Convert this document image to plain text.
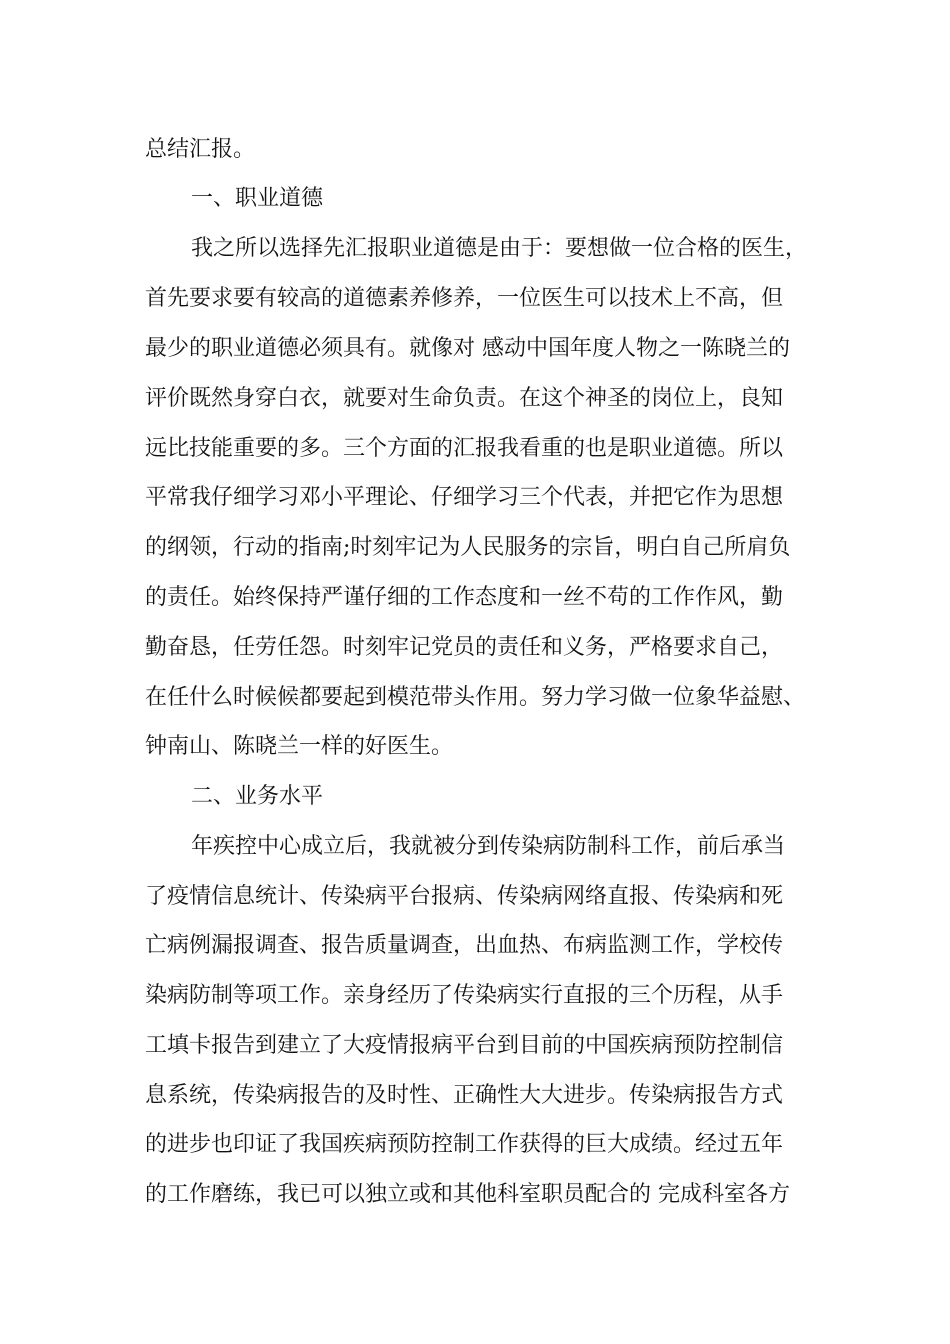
总结汇报。
一、职业道德
我之所以选择先汇报职业道德是由于：要想做一位合格的医生，
首先要求要有较高的道德素养修养，一位医生可以技术上不高，但
最少的职业道德必须具有。就像对 感动中国年度人物之一陈晓兰的
评价既然身穿白衣，就要对生命负责。在这个神圣的岗位上，良知
远比技能重要的多。三个方面的汇报我看重的也是职业道德。所以
平常我仔细学习邓小平理论、仔细学习三个代表，并把它作为思想
的纲领，行动的指南;时刻牢记为人民服务的宗旨，明白自己所肩负
的责任。始终保持严谨仔细的工作态度和一丝不苟的工作作风，勤
勤奋恳，任劳任怨。时刻牢记党员的责任和义务，严格要求自己，
在任什么时候候都要起到模范带头作用。努力学习做一位象华益慰、
钟南山、陈晓兰一样的好医生。
二、业务水平
年疾控中心成立后，我就被分到传染病防制科工作，前后承当
了疫情信息统计、传染病平台报病、传染病网络直报、传染病和死
亡病例漏报调查、报告质量调查，出血热、布病监测工作，学校传
染病防制等项工作。亲身经历了传染病实行直报的三个历程，从手
工填卡报告到建立了大疫情报病平台到目前的中国疾病预防控制信
息系统，传染病报告的及时性、正确性大大进步。传染病报告方式
的进步也印证了我国疾病预防控制工作获得的巨大成绩。经过五年
的工作磨练，我已可以独立或和其他科室职员配合的 完成科室各方
